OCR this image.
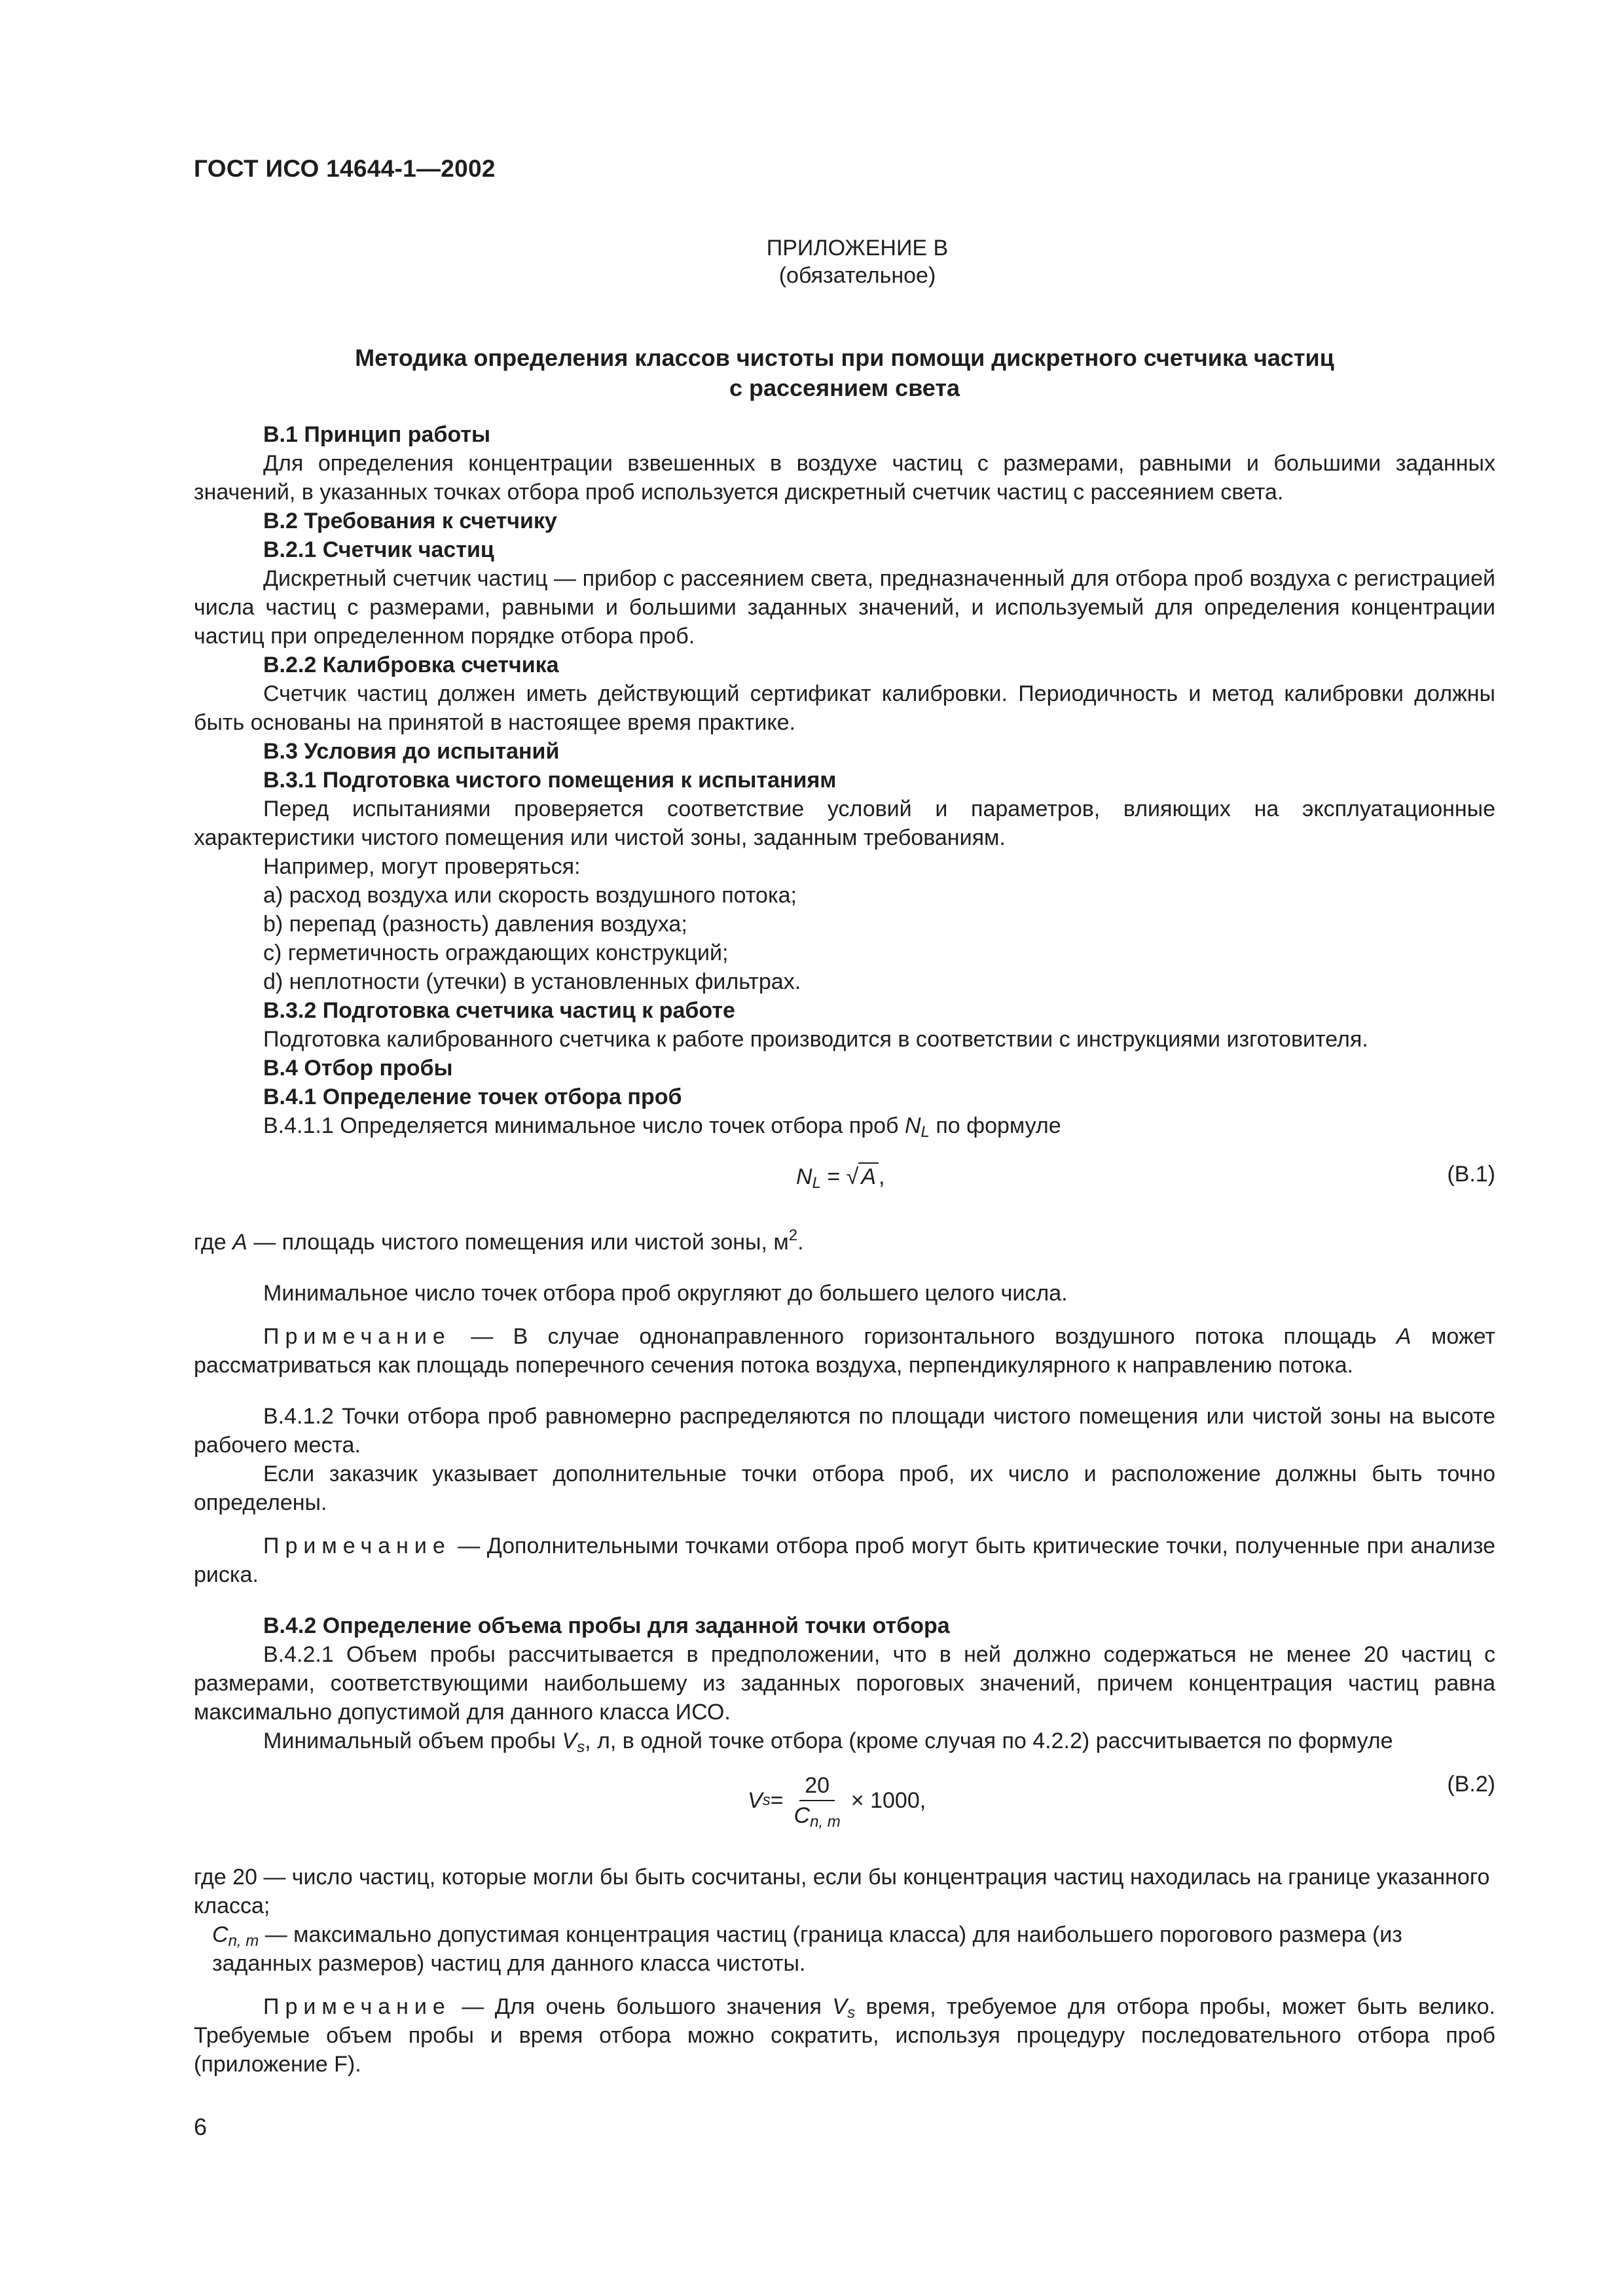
ГОСТ ИСО 14644-1—2002
ПРИЛОЖЕНИЕ В
(обязательное)
Методика определения классов чистоты при помощи дискретного счетчика частиц
с рассеянием света

В.1 Принцип работы

Для определения концентрации взвешенных в воздухе частиц с размерами, равными и большими заданных значений, в указанных точках отбора проб используется дискретный счетчик частиц с рассеянием света.

В.2 Требования к счетчику

В.2.1 Счетчик частиц

Дискретный счетчик частиц — прибор с рассеянием света, предназначенный для отбора проб воздуха с регистрацией числа частиц с размерами, равными и большими заданных значений, и используемый для определения концентрации частиц при определенном порядке отбора проб.

В.2.2 Калибровка счетчика

Счетчик частиц должен иметь действующий сертификат калибровки. Периодичность и метод калибровки должны быть основаны на принятой в настоящее время практике.

В.3 Условия до испытаний

В.3.1 Подготовка чистого помещения к испытаниям

Перед испытаниями проверяется соответствие условий и параметров, влияющих на эксплуатационные характеристики чистого помещения или чистой зоны, заданным требованиям.

Например, могут проверяться:

a) расход воздуха или скорость воздушного потока;

b) перепад (разность) давления воздуха;

c) герметичность ограждающих конструкций;

d) неплотности (утечки) в установленных фильтрах.

В.3.2 Подготовка счетчика частиц к работе

Подготовка калиброванного счетчика к работе производится в соответствии с инструкциями изготовителя.

В.4 Отбор пробы

В.4.1 Определение точек отбора проб

В.4.1.1 Определяется минимальное число точек отбора проб $N_L$ по формуле

$N_L$ = √ A ,	(B.1)

где A — площадь чистого помещения или чистой зоны, $м^2$.

Минимальное число точек отбора проб округляют до большего целого числа.

Примечание — В случае однонаправленного горизонтального воздушного потока площадь A может рассматриваться как площадь поперечного сечения потока воздуха, перпендикулярного к направлению потока.

В.4.1.2 Точки отбора проб равномерно распределяются по площади чистого помещения или чистой зоны на высоте рабочего места.

Если заказчик указывает дополнительные точки отбора проб, их число и расположение должны быть точно определены.

Примечание — Дополнительными точками отбора проб могут быть критические точки, полученные при анализе риска.

В.4.2 Определение объема пробы для заданной точки отбора

В.4.2.1 Объем пробы рассчитывается в предположении, что в ней должно содержаться не менее 20 частиц с размерами, соответствующими наибольшему из заданных пороговых значений, причем концентрация частиц равна максимально допустимой для данного класса ИСО.

Минимальный объем пробы $V_s$, л, в одной точке отбора (кроме случая по 4.2.2) рассчитывается по формуле

V $s = \frac{20}{C_{n, m}} \times 1000$,
(B.2)
где 20 — число частиц, которые могли бы быть сосчитаны, если бы концентрация частиц находилась на границе указанного класса;
$C_{n, m}$ — максимально допустимая концентрация частиц (граница класса) для наибольшего порогового размера (из заданных размеров) частиц для данного класса чистоты.

Примечание — Для очень большого значения $V_s$ время, требуемое для отбора пробы, может быть велико. Требуемые объем пробы и время отбора можно сократить, используя процедуру последовательного отбора проб (приложение F).

6
